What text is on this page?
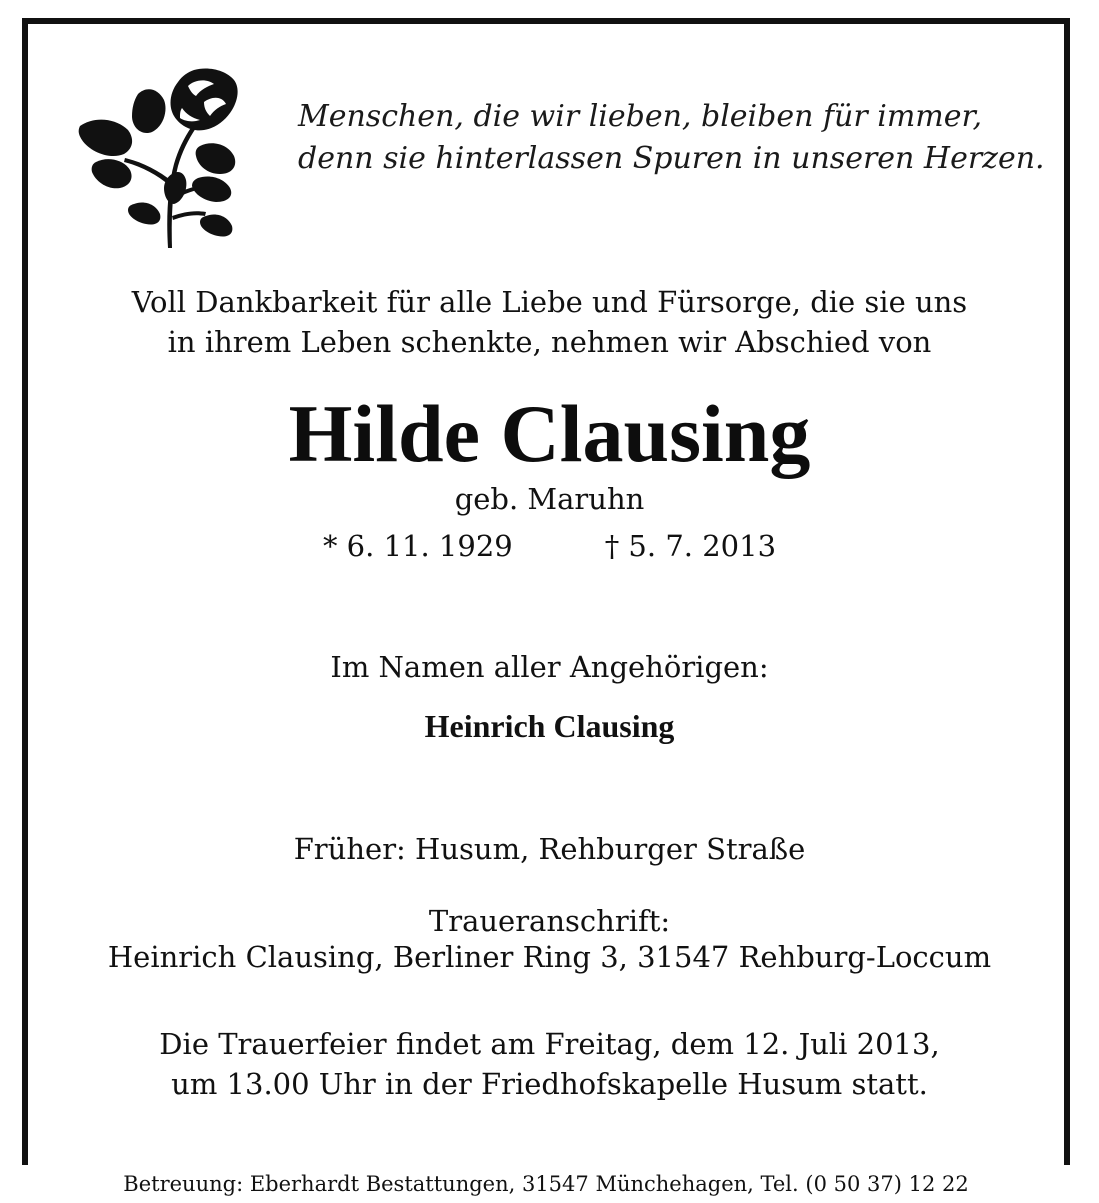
Menschen, die wir lieben, bleiben für immer,
denn sie hinterlassen Spuren in unseren Herzen.
Voll Dankbarkeit für alle Liebe und Fürsorge, die sie uns
in ihrem Leben schenkte, nehmen wir Abschied von
Hilde Clausing
geb. Maruhn
* 6. 11. 1929	† 5. 7. 2013
Im Namen aller Angehörigen:
Heinrich Clausing
Früher: Husum, Rehburger Straße
Traueranschrift:
Heinrich Clausing, Berliner Ring 3, 31547 Rehburg-Loccum
Die Trauerfeier findet am Freitag, dem 12. Juli 2013,
um 13.00 Uhr in der Friedhofskapelle Husum statt.
Betreuung: Eberhardt Bestattungen, 31547 Münchehagen, Tel. (0 50 37) 12 22
